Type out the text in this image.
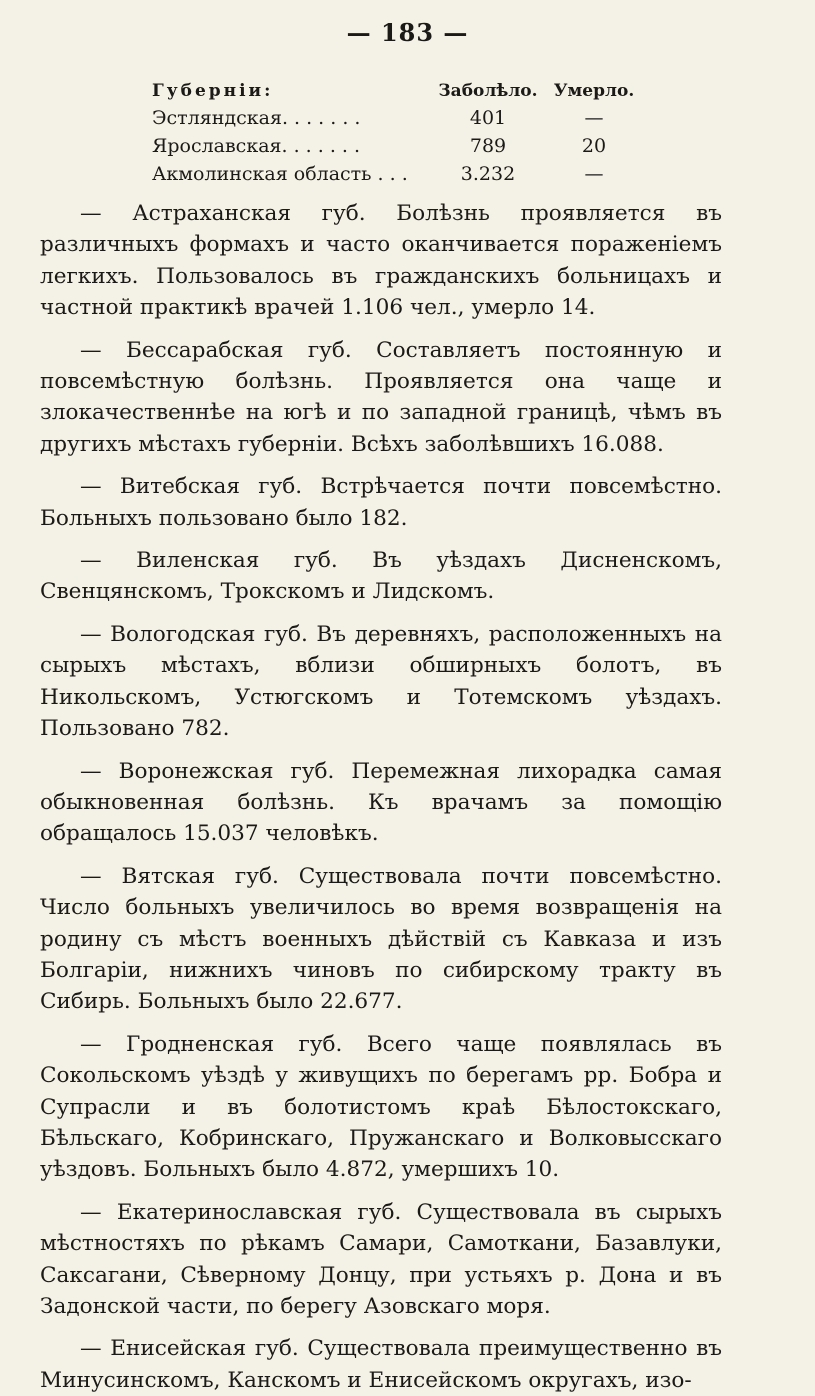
— 183 —
Губерніи:	Заболѣло. Умерло.
Эстляндская. . . . . . .	401	—
Ярославская. . . . . . .	789	20
Акмолинская область . . .	3.232	—

— Астраханская губ. Болѣзнь проявляется въ различныхъ формахъ и часто оканчивается пораженіемъ легкихъ. Пользовалось въ гражданскихъ больницахъ и частной практикѣ врачей 1.106 чел., умерло 14.

— Бессарабская губ. Составляетъ постоянную и повсемѣстную болѣзнь. Проявляется она чаще и злокачественнѣе на югѣ и по западной границѣ, чѣмъ въ другихъ мѣстахъ губерніи. Всѣхъ заболѣвшихъ 16.088.

— Витебская губ. Встрѣчается почти повсемѣстно. Больныхъ пользовано было 182.

— Виленская губ. Въ уѣздахъ Дисненскомъ, Свенцянскомъ, Трокскомъ и Лидскомъ.

— Вологодская губ. Въ деревняхъ, расположенныхъ на сырыхъ мѣстахъ, вблизи обширныхъ болотъ, въ Никольскомъ, Устюгскомъ и Тотемскомъ уѣздахъ. Пользовано 782.

— Воронежская губ. Перемежная лихорадка самая обыкновенная болѣзнь. Къ врачамъ за помощію обращалось 15.037 человѣкъ.

— Вятская губ. Существовала почти повсемѣстно. Число больныхъ увеличилось во время возвращенія на родину съ мѣстъ военныхъ дѣйствій съ Кавказа и изъ Болгаріи, нижнихъ чиновъ по сибирскому тракту въ Сибирь. Больныхъ было 22.677.

— Гродненская губ. Всего чаще появлялась въ Сокольскомъ уѣздѣ у живущихъ по берегамъ рр. Бобра и Супрасли и въ болотистомъ краѣ Бѣлостокскаго, Бѣльскаго, Кобринскаго, Пружанскаго и Волковысскаго уѣздовъ. Больныхъ было 4.872, умершихъ 10.

— Екатеринославская губ. Существовала въ сырыхъ мѣстностяхъ по рѣкамъ Самари, Самоткани, Базавлуки, Саксагани, Сѣверному Донцу, при устьяхъ р. Дона и въ Задонской части, по берегу Азовскаго моря.

— Енисейская губ. Существовала преимущественно въ Минусинскомъ, Канскомъ и Енисейскомъ округахъ, изо-
